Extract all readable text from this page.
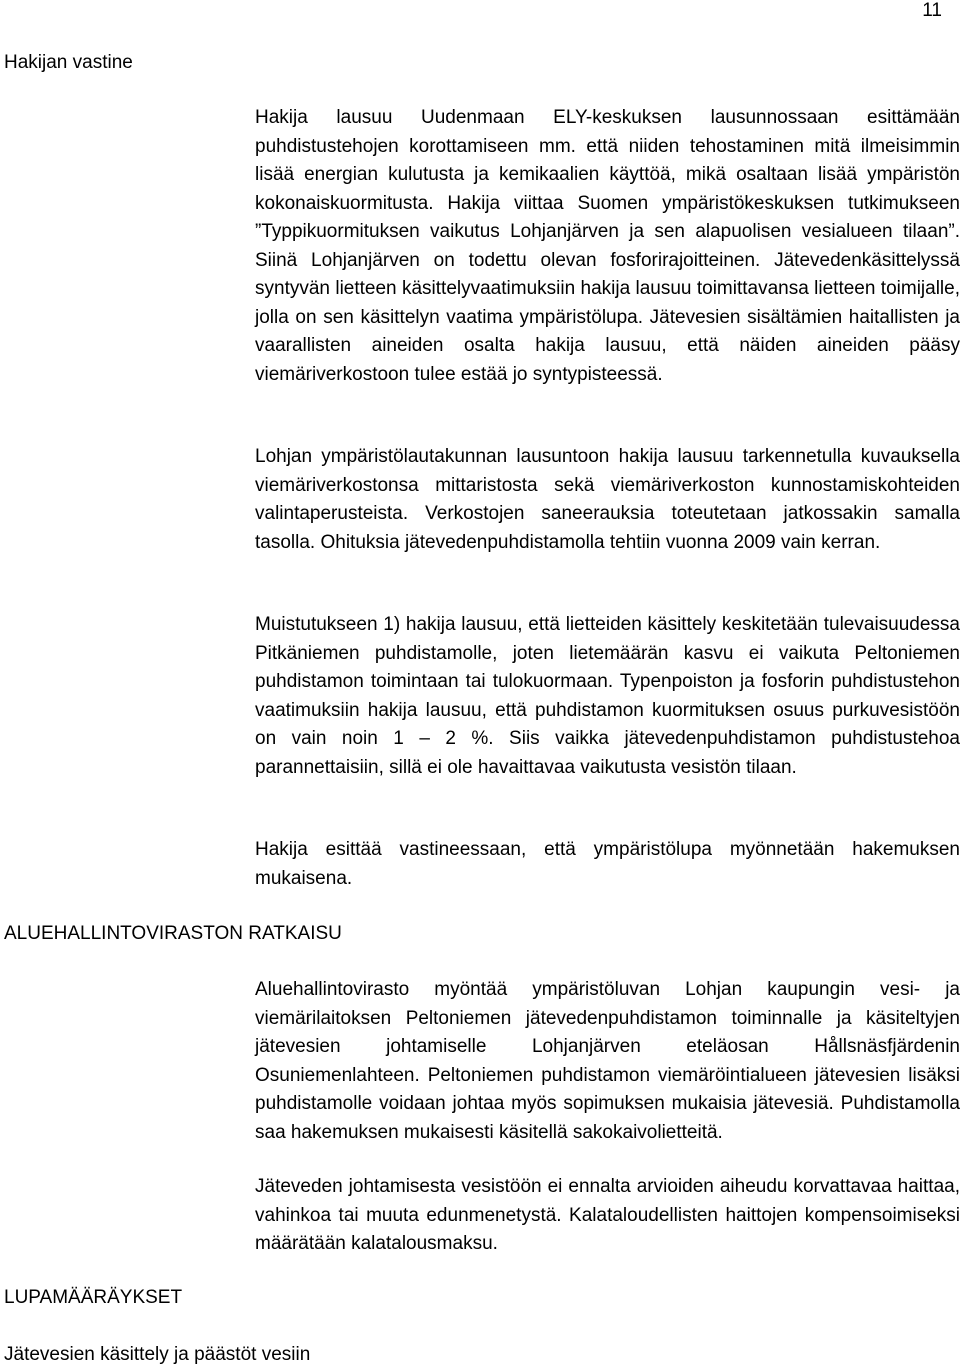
11
Hakijan vastine
Hakija lausuu Uudenmaan ELY-keskuksen lausunnossaan esittämään puhdistustehojen korottamiseen mm. että niiden tehostaminen mitä ilmeisimmin lisää energian kulutusta ja kemikaalien käyttöä, mikä osaltaan lisää ympäristön kokonaiskuormitusta. Hakija viittaa Suomen ympäristökeskuksen tutkimukseen ”Typpikuormituksen vaikutus Lohjanjärven ja sen alapuolisen vesialueen tilaan”. Siinä Lohjanjärven on todettu olevan fosforirajoitteinen. Jätevedenkäsittelyssä syntyvän lietteen käsittelyvaatimuksiin hakija lausuu toimittavansa lietteen toimijalle, jolla on sen käsittelyn vaatima ympäristölupa. Jätevesien sisältämien haitallisten ja vaarallisten aineiden osalta hakija lausuu, että näiden aineiden pääsy viemäriverkostoon tulee estää jo syntypisteessä.
Lohjan ympäristölautakunnan lausuntoon hakija lausuu tarkennetulla kuvauksella viemäriverkostonsa mittaristosta sekä viemäriverkoston kunnostamiskohteiden valintaperusteista. Verkostojen saneerauksia toteutetaan jatkossakin samalla tasolla. Ohituksia jätevedenpuhdistamolla tehtiin vuonna 2009 vain kerran.
Muistutukseen 1) hakija lausuu, että lietteiden käsittely keskitetään tulevaisuudessa Pitkäniemen puhdistamolle, joten lietemäärän kasvu ei vaikuta Peltoniemen puhdistamon toimintaan tai tulokuormaan. Typenpoiston ja fosforin puhdistustehon vaatimuksiin hakija lausuu, että puhdistamon kuormituksen osuus purkuvesistöön on vain noin 1 – 2 %. Siis vaikka jätevedenpuhdistamon puhdistustehoa parannettaisiin, sillä ei ole havaittavaa vaikutusta vesistön tilaan.
Hakija esittää vastineessaan, että ympäristölupa myönnetään hakemuksen mukaisena.
ALUEHALLINTOVIRASTON RATKAISU
Aluehallintovirasto myöntää ympäristöluvan Lohjan kaupungin vesi- ja viemärilaitoksen Peltoniemen jätevedenpuhdistamon toiminnalle ja käsiteltyjen jätevesien johtamiselle Lohjanjärven eteläosan Hållsnäsfjärdenin Osuniemenlahteen. Peltoniemen puhdistamon viemäröintialueen jätevesien lisäksi puhdistamolle voidaan johtaa myös sopimuksen mukaisia jätevesiä. Puhdistamolla saa hakemuksen mukaisesti käsitellä sakokaivolietteitä.
Jäteveden johtamisesta vesistöön ei ennalta arvioiden aiheudu korvattavaa haittaa, vahinkoa tai muuta edunmenetystä. Kalataloudellisten haittojen kompensoimiseksi määrätään kalatalousmaksu.
LUPAMÄÄRÄYKSET
Jätevesien käsittely ja päästöt vesiin
